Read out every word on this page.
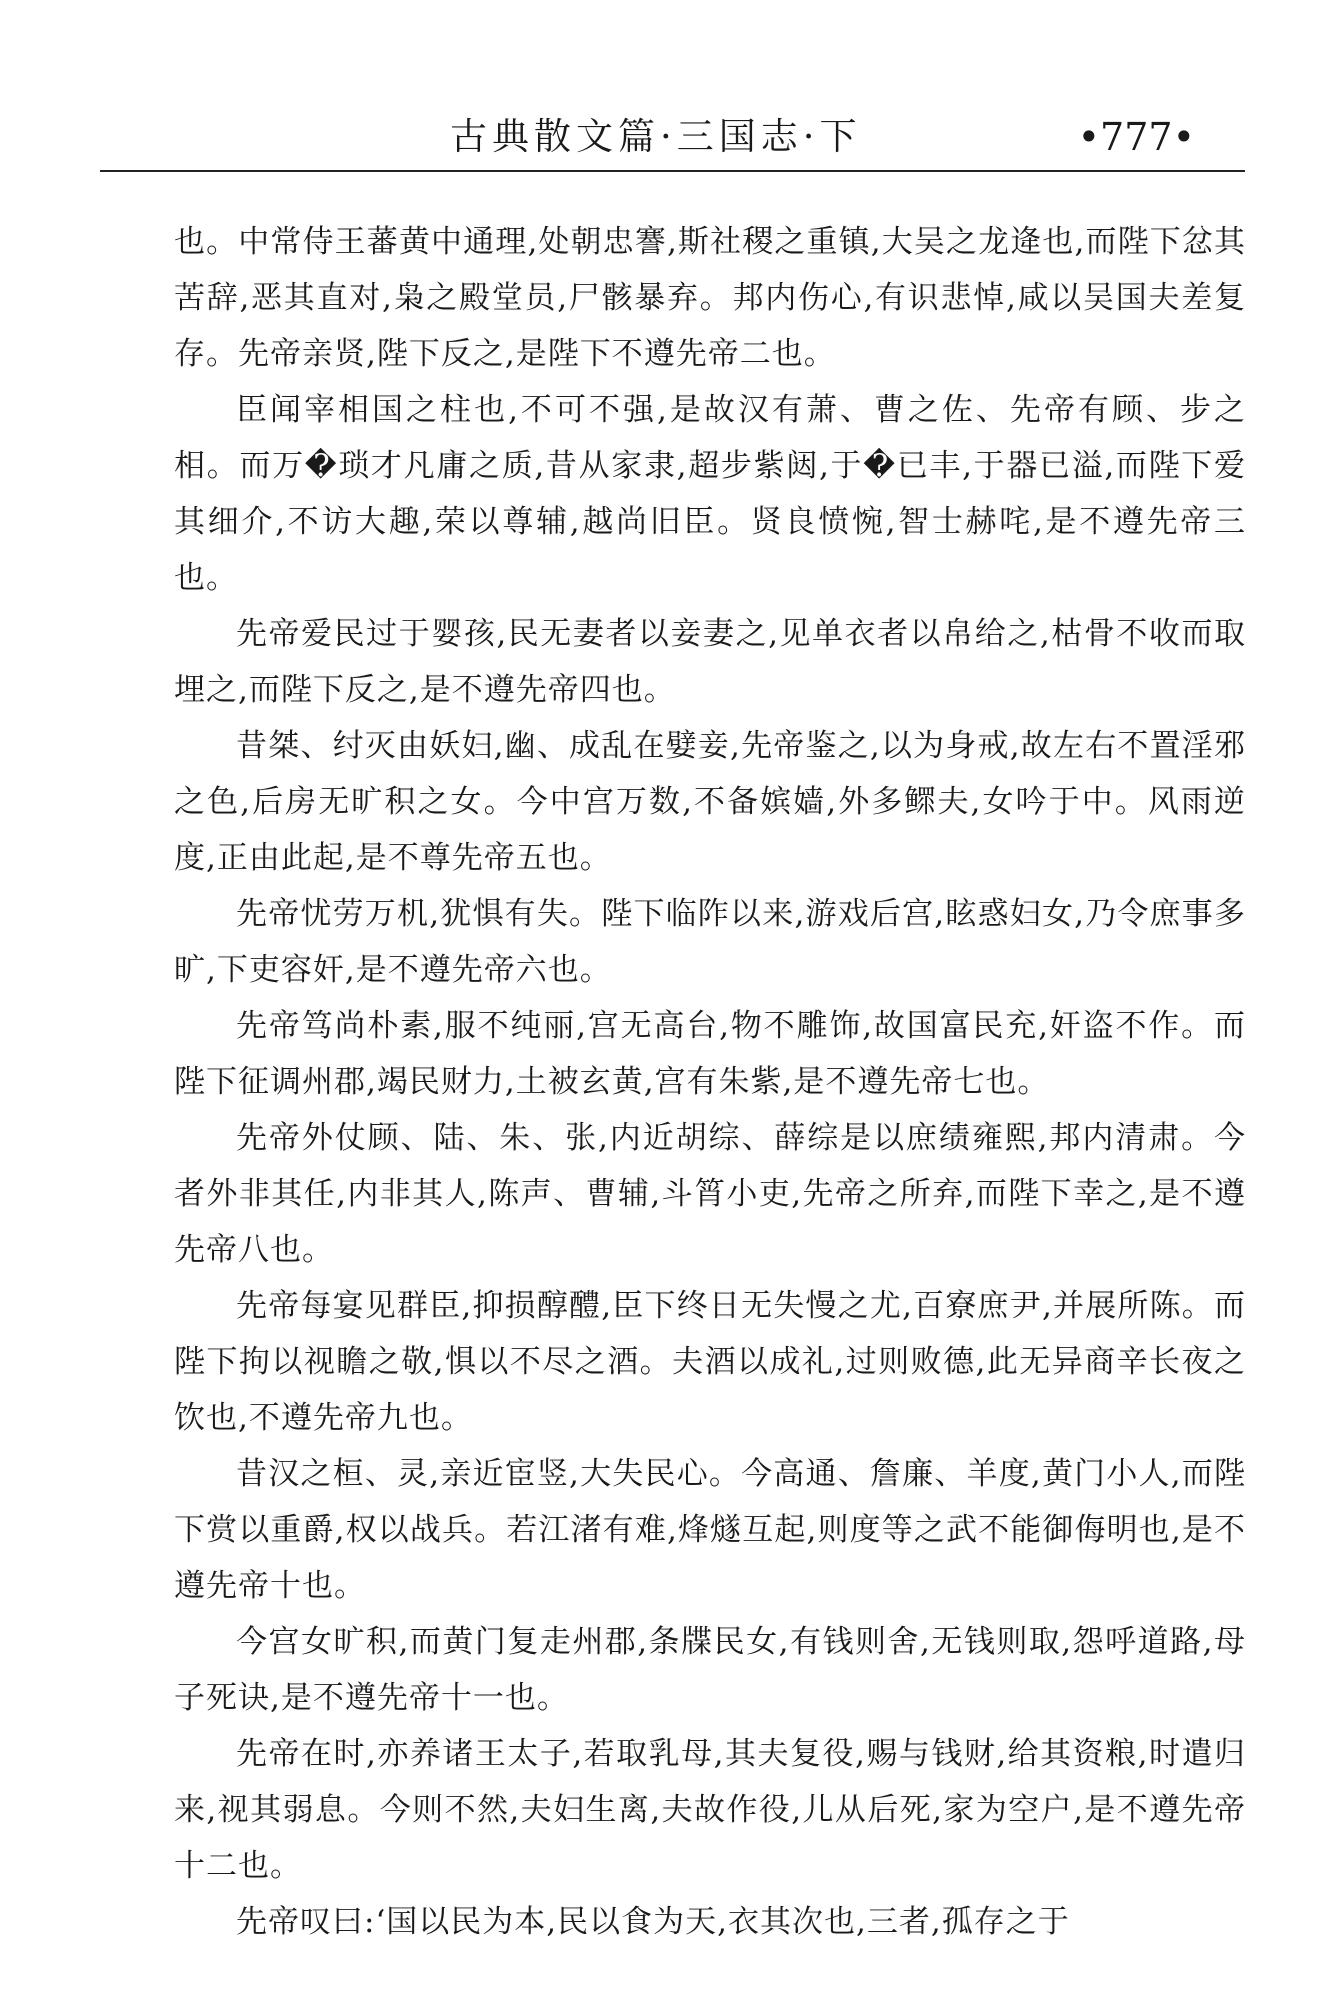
古典散文篇·三国志·下	•777•

也。中常侍王蕃黄中通理,处朝忠謇,斯社稷之重镇,大吴之龙逄也,而陛下忿其苦辞,恶其直对,枭之殿堂员,尸骸暴弃。邦内伤心,有识悲悼,咸以吴国夫差复存。先帝亲贤,陛下反之,是陛下不遵先帝二也。

臣闻宰相国之柱也,不可不强,是故汉有萧、曹之佐、先帝有顾、步之相。而万�琐才凡庸之质,昔从家隶,超步紫闼,于�已丰,于器已溢,而陛下爱其细介,不访大趣,荣以尊辅,越尚旧臣。贤良愤惋,智士赫咤,是不遵先帝三也。

先帝爱民过于婴孩,民无妻者以妾妻之,见单衣者以帛给之,枯骨不收而取埋之,而陛下反之,是不遵先帝四也。

昔桀、纣灭由妖妇,幽、成乱在嬖妾,先帝鉴之,以为身戒,故左右不置淫邪之色,后房无旷积之女。今中宫万数,不备嫔嫱,外多鳏夫,女吟于中。风雨逆度,正由此起,是不尊先帝五也。

先帝忧劳万机,犹惧有失。陛下临阼以来,游戏后宫,眩惑妇女,乃令庶事多旷,下吏容奸,是不遵先帝六也。

先帝笃尚朴素,服不纯丽,宫无高台,物不雕饰,故国富民充,奸盗不作。而陛下征调州郡,竭民财力,土被玄黄,宫有朱紫,是不遵先帝七也。

先帝外仗顾、陆、朱、张,内近胡综、薛综是以庶绩雍熙,邦内清肃。今者外非其任,内非其人,陈声、曹辅,斗筲小吏,先帝之所弃,而陛下幸之,是不遵先帝八也。

先帝每宴见群臣,抑损醇醴,臣下终日无失慢之尤,百寮庶尹,并展所陈。而陛下拘以视瞻之敬,惧以不尽之酒。夫酒以成礼,过则败德,此无异商辛长夜之饮也,不遵先帝九也。

昔汉之桓、灵,亲近宦竖,大失民心。今高通、詹廉、羊度,黄门小人,而陛下赏以重爵,权以战兵。若江渚有难,烽燧互起,则度等之武不能御侮明也,是不遵先帝十也。

今宫女旷积,而黄门复走州郡,条牒民女,有钱则舍,无钱则取,怨呼道路,母子死诀,是不遵先帝十一也。

先帝在时,亦养诸王太子,若取乳母,其夫复役,赐与钱财,给其资粮,时遣归来,视其弱息。今则不然,夫妇生离,夫故作役,儿从后死,家为空户,是不遵先帝十二也。

先帝叹曰:‘国以民为本,民以食为天,衣其次也,三者,孤存之于
